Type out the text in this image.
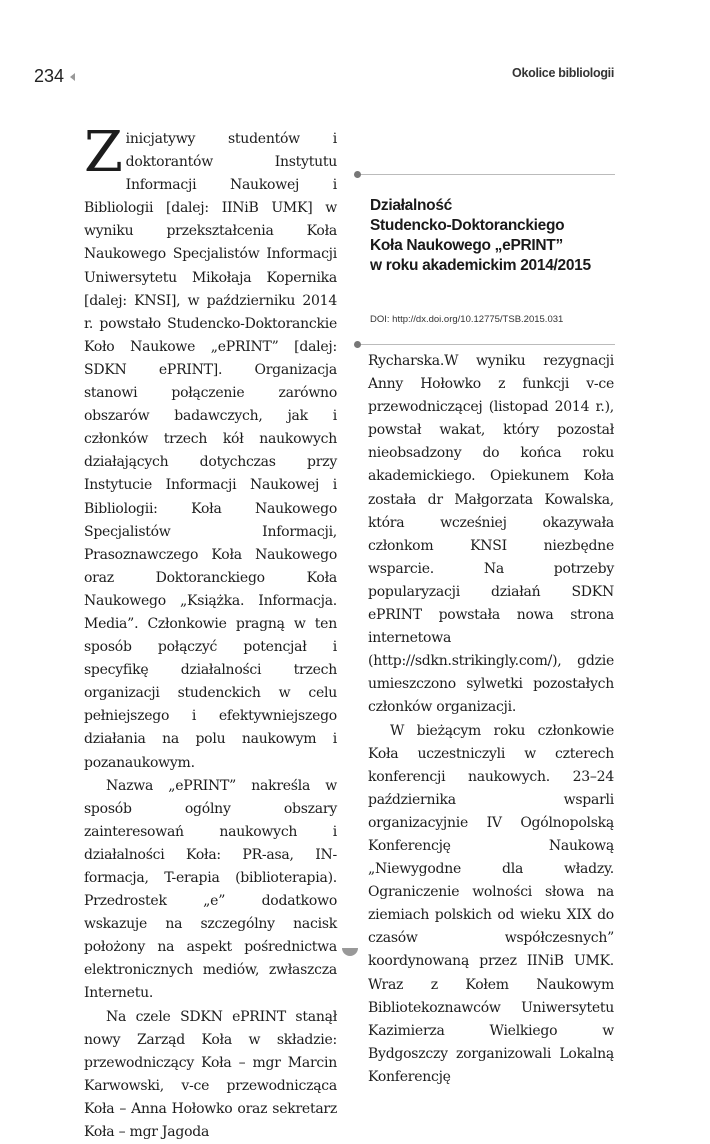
234	Okolice bibliologii

Zinicjatywy studentów i doktorantów Instytutu Informacji Naukowej i Bibliologii [dalej: IINiB UMK] w wyniku przekształcenia Koła Naukowego Specjalistów Informacji Uniwersytetu Mikołaja Kopernika [dalej: KNSI], w październiku 2014 r. powstało Studencko-Doktoranckie Koło Naukowe „ePRINT” [dalej: SDKN ePRINT]. Organizacja stanowi połączenie zarówno obszarów badawczych, jak i członków trzech kół naukowych działających dotychczas przy Instytucie Informacji Naukowej i Bibliologii: Koła Naukowego Specjalistów Informacji, Prasoznawczego Koła Naukowego oraz Doktoranckiego Koła Naukowego „Książka. Informacja. Media”. Członkowie pragną w ten sposób połączyć potencjał i specyfikę działalności trzech organizacji studenckich w celu pełniejszego i efektywniejszego działania na polu naukowym i pozanaukowym.

Nazwa „ePRINT” nakreśla w sposób ogólny obszary zainteresowań naukowych i działalności Koła: PR-asa, IN-formacja, T-erapia (biblioterapia). Przedrostek „e” dodatkowo wskazuje na szczególny nacisk położony na aspekt pośrednictwa elektronicznych mediów, zwłaszcza Internetu.

Na czele SDKN ePRINT stanął nowy Zarząd Koła w składzie: przewodniczący Koła – mgr Marcin Karwowski, v-ce przewodnicząca Koła – Anna Hołowko oraz sekretarz Koła – mgr Jagoda

Działalność
Studencko-Doktoranckiego
Koła Naukowego „ePRINT”
w roku akademickim 2014/2015
DOI: http://dx.doi.org/10.12775/TSB.2015.031

Rycharska.W wyniku rezygnacji Anny Hołowko z funkcji v-ce przewodniczącej (listopad 2014 r.), powstał wakat, który pozostał nieobsadzony do końca roku akademickiego. Opiekunem Koła została dr Małgorzata Kowalska, która wcześniej okazywała członkom KNSI niezbędne wsparcie. Na potrzeby popularyzacji działań SDKN ePRINT powstała nowa strona internetowa (http://sdkn.strikingly.com/), gdzie umieszczono sylwetki pozostałych członków organizacji.

W bieżącym roku członkowie Koła uczestniczyli w czterech konferencji naukowych. 23–24 października wsparli organizacyjnie IV Ogólnopolską Konferencję Naukową „Niewygodne dla władzy. Ograniczenie wolności słowa na ziemiach polskich od wieku XIX do czasów współczesnych” koordynowaną przez IINiB UMK. Wraz z Kołem Naukowym Bibliotekoznawców Uniwersytetu Kazimierza Wielkiego w Bydgoszczy zorganizowali Lokalną Konferencję
